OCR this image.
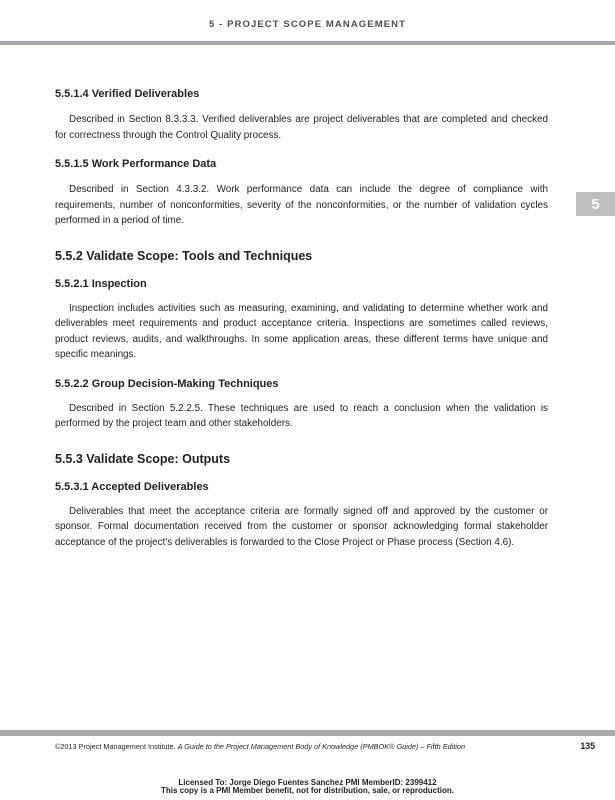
5 - PROJECT SCOPE MANAGEMENT
5
5.5.1.4 Verified Deliverables

Described in Section 8.3.3.3. Verified deliverables are project deliverables that are completed and checked for correctness through the Control Quality process.

5.5.1.5 Work Performance Data

Described in Section 4.3.3.2. Work performance data can include the degree of compliance with requirements, number of nonconformities, severity of the nonconformities, or the number of validation cycles performed in a period of time.

5.5.2 Validate Scope: Tools and Techniques
5.5.2.1 Inspection

Inspection includes activities such as measuring, examining, and validating to determine whether work and deliverables meet requirements and product acceptance criteria. Inspections are sometimes called reviews, product reviews, audits, and walkthroughs. In some application areas, these different terms have unique and specific meanings.

5.5.2.2 Group Decision-Making Techniques

Described in Section 5.2.2.5. These techniques are used to reach a conclusion when the validation is performed by the project team and other stakeholders.

5.5.3 Validate Scope: Outputs
5.5.3.1 Accepted Deliverables

Deliverables that meet the acceptance criteria are formally signed off and approved by the customer or sponsor. Formal documentation received from the customer or sponsor acknowledging formal stakeholder acceptance of the project's deliverables is forwarded to the Close Project or Phase process (Section 4.6).

©2013 Project Management Institute. A Guide to the Project Management Body of Knowledge (PMBOK® Guide) – Fifth Edition	135
Licensed To: Jorge Diego Fuentes Sanchez PMI MemberID: 2399412
This copy is a PMI Member benefit, not for distribution, sale, or reproduction.
